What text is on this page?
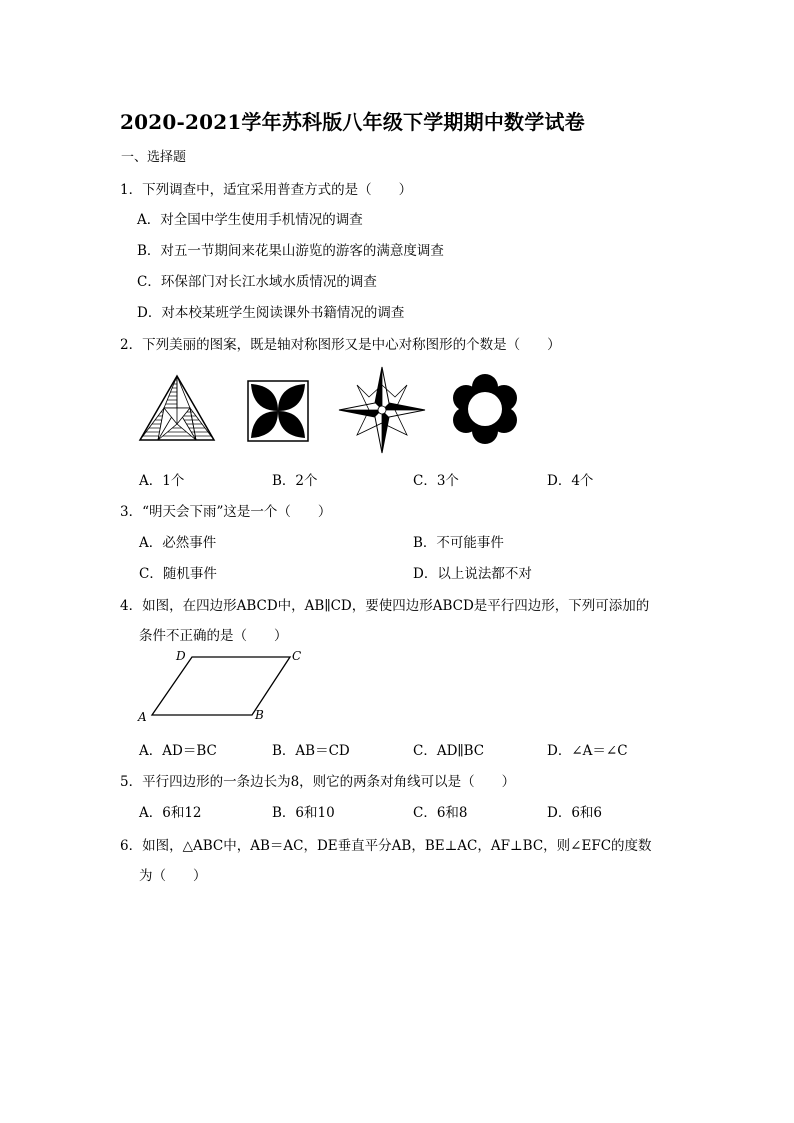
2020-2021学年苏科版八年级下学期期中数学试卷
一、选择题
1．下列调查中，适宜采用普查方式的是（　　）
A．对全国中学生使用手机情况的调查
B．对五一节期间来花果山游览的游客的满意度调查
C．环保部门对长江水域水质情况的调查
D．对本校某班学生阅读课外书籍情况的调查
2．下列美丽的图案，既是轴对称图形又是中心对称图形的个数是（　　）
A．1个	B．2个	C．3个	D．4个
3．“明天会下雨”这是一个（　　）
A．必然事件	B．不可能事件
C．随机事件	D．以上说法都不对
4．如图，在四边形ABCD中，AB∥CD，要使四边形ABCD是平行四边形，下列可添加的
条件不正确的是（　　）
D	C
A	B
A．AD＝BC	B．AB＝CD	C．AD∥BC	D．∠A＝∠C
5．平行四边形的一条边长为8，则它的两条对角线可以是（　　）
A．6和12	B．6和10	C．6和8	D．6和6
6．如图，△ABC中，AB＝AC，DE垂直平分AB，BE⊥AC，AF⊥BC，则∠EFC的度数
为（　　）
